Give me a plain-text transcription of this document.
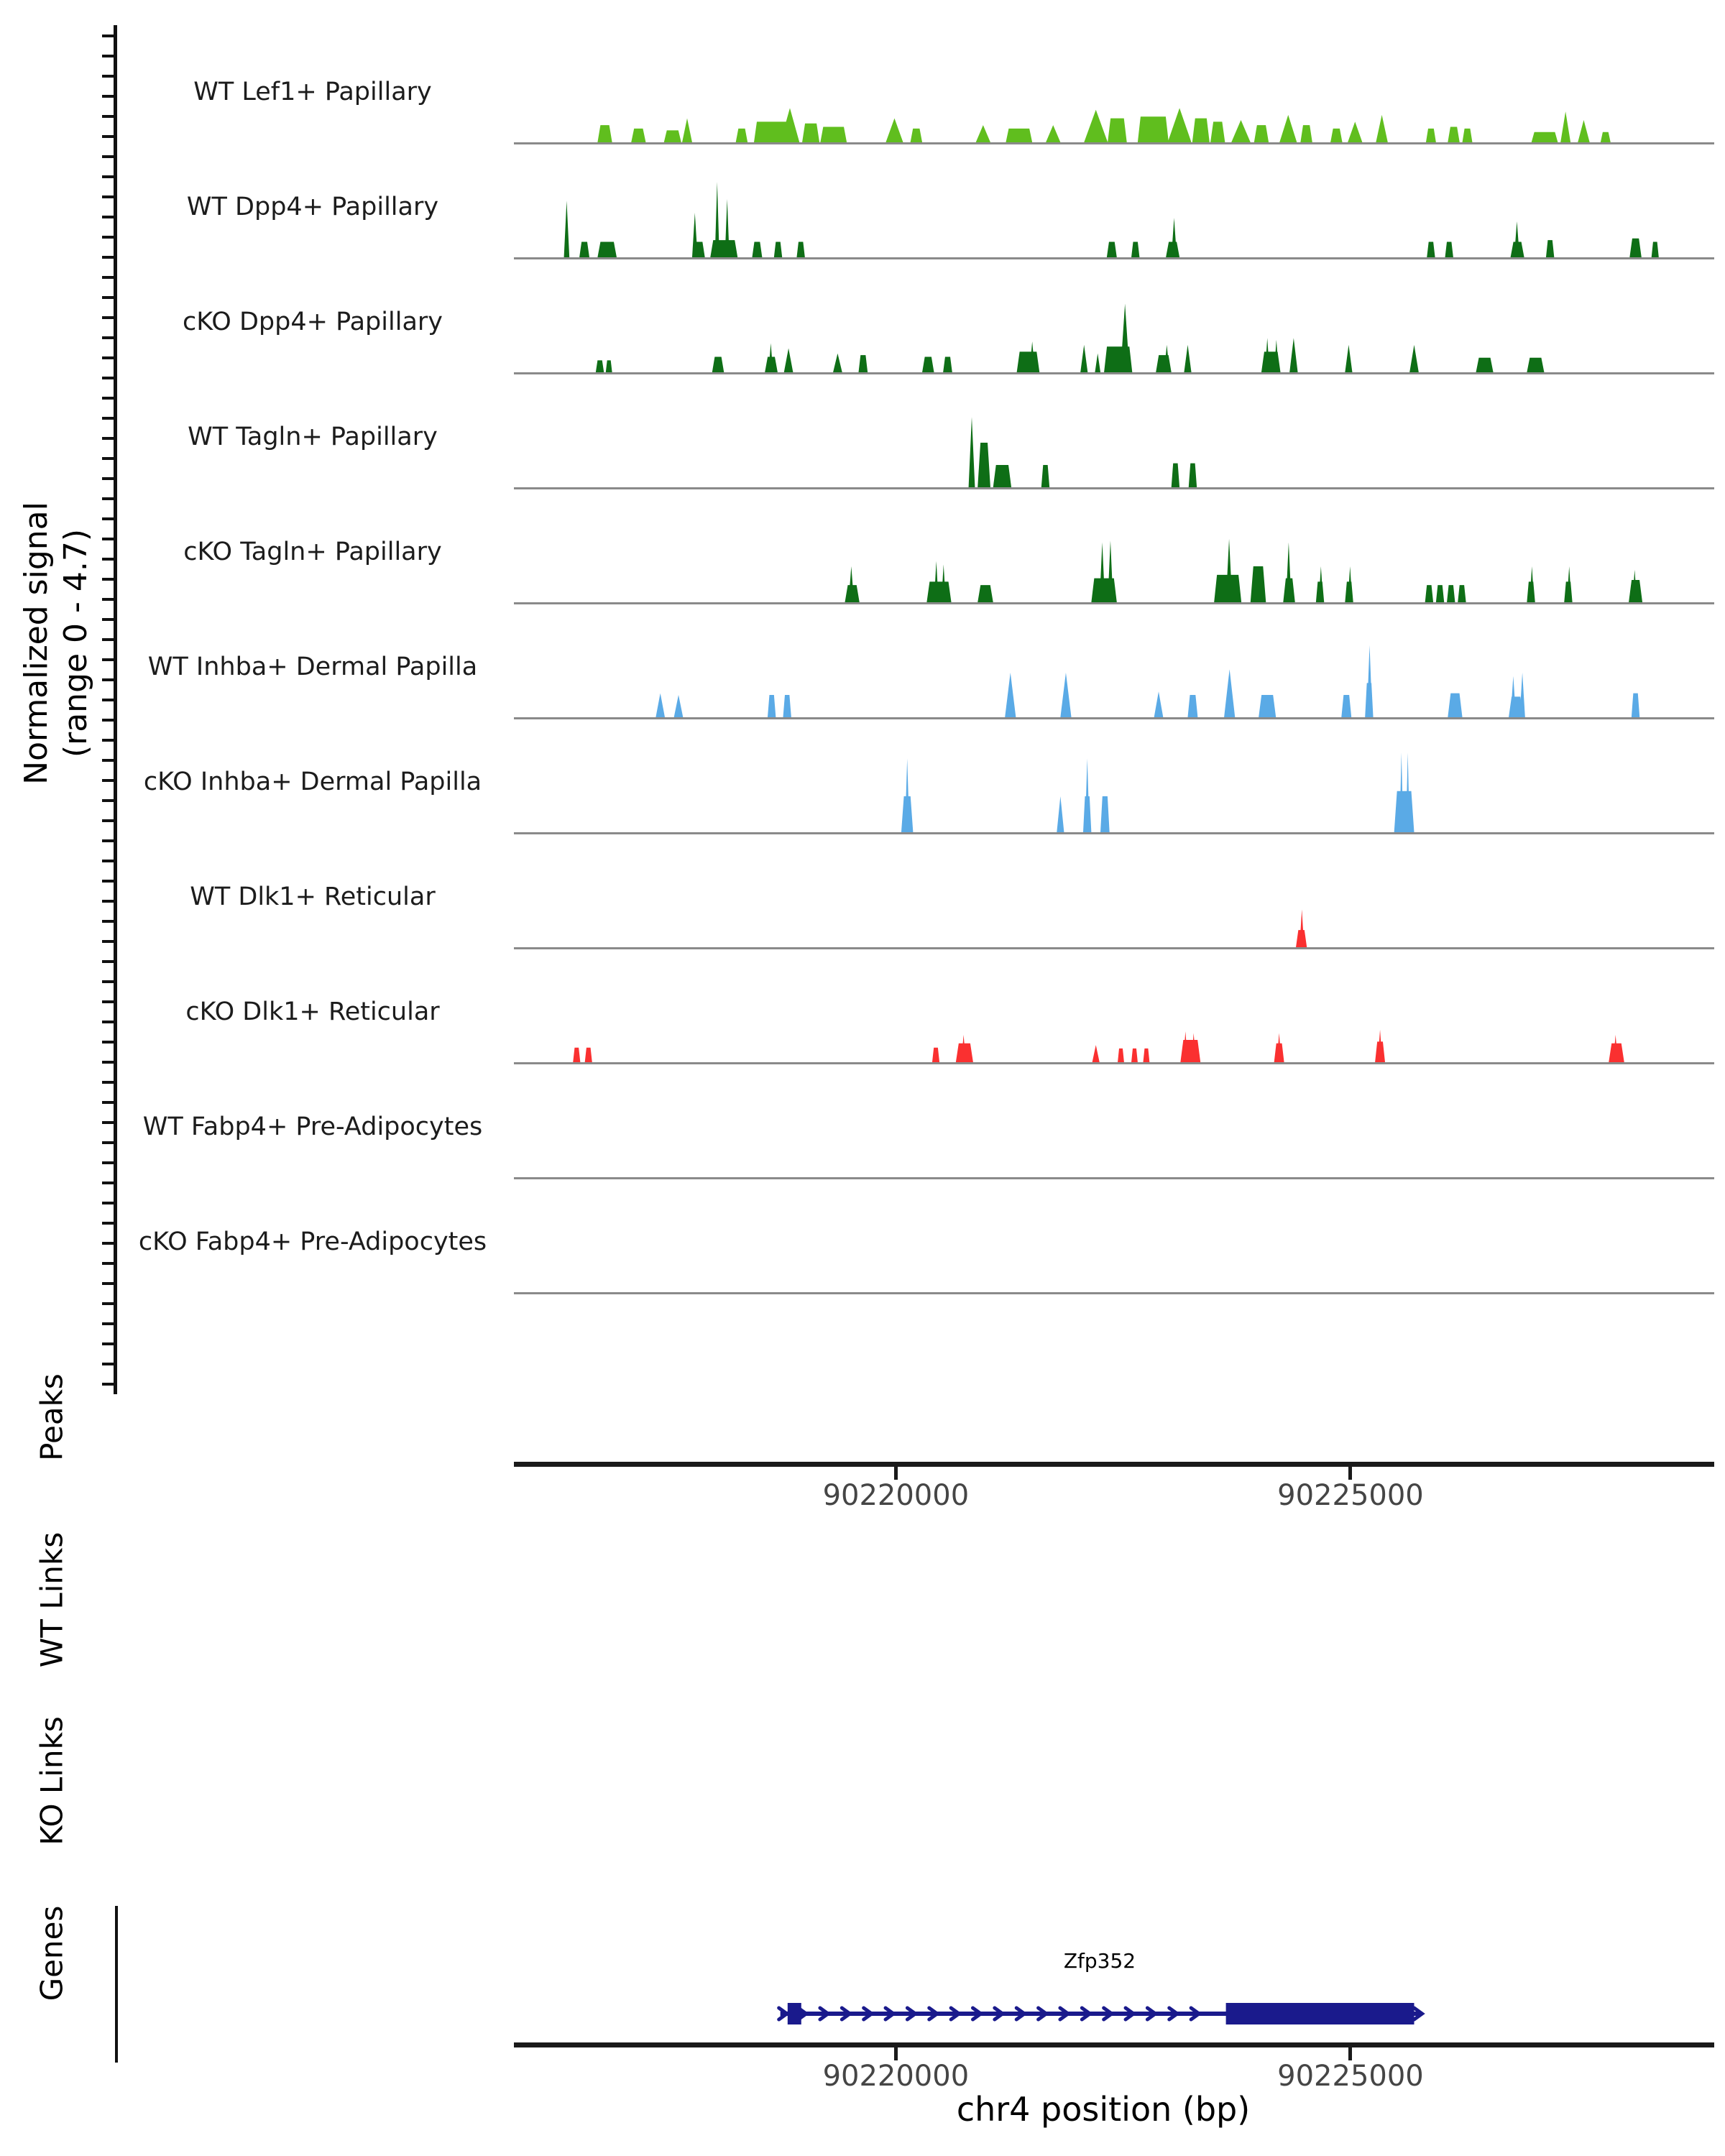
Normalized signal (range 0 - 4.7)
WT Lef1+ Papillary
WT Dpp4+ Papillary
cKO Dpp4+ Papillary
WT Tagln+ Papillary
cKO Tagln+ Papillary
WT Inhba+ Dermal Papilla
cKO Inhba+ Dermal Papilla
WT Dlk1+ Reticular
cKO Dlk1+ Reticular
WT Fabp4+ Pre-Adipocytes
cKO Fabp4+ Pre-Adipocytes
Peaks
WT Links
KO Links
Genes
90220000	90225000
Zfp352
90220000	90225000
chr4 position (bp)
